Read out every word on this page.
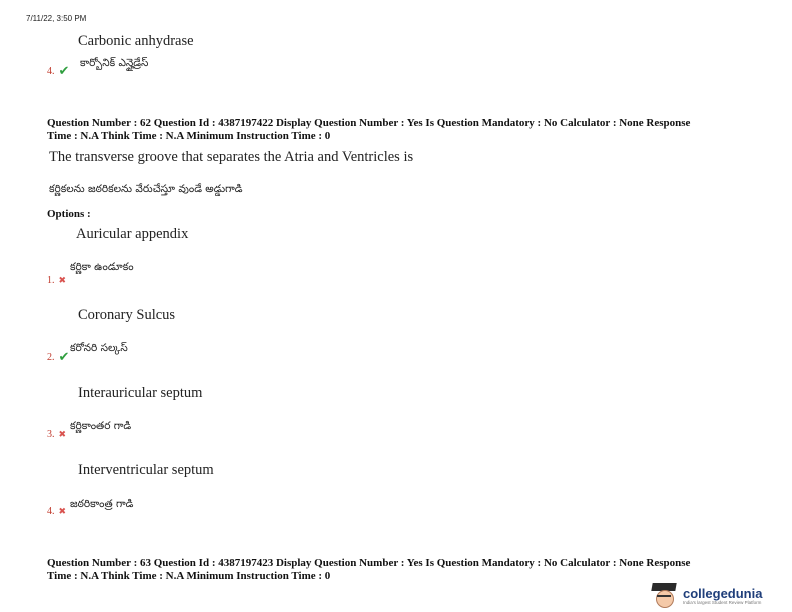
7/11/22, 3:50 PM
Carbonic anhydrase
కార్బోనిక్ ఎన్హైడ్రేస్
4. ✔
Question Number : 62 Question Id : 4387197422 Display Question Number : Yes Is Question Mandatory : No Calculator : None Response
Time : N.A Think Time : N.A Minimum Instruction Time : 0
The transverse groove that separates the Atria and Ventricles is
కర్ణికలను జఠరికలను వేరుచేస్తూ వుండే అడ్డుగాడి
Options :
Auricular appendix
కర్ణికా ఉండూకం
1. ✖
Coronary Sulcus
కరోనరి సల్కస్
2. ✔
Interauricular septum
కర్ణికాంతర గాడి
3. ✖
Interventricular septum
జఠరికాంత్ర గాడి
4. ✖
Question Number : 63 Question Id : 4387197423 Display Question Number : Yes Is Question Mandatory : No Calculator : None Response
Time : N.A Think Time : N.A Minimum Instruction Time : 0
collegedunia
India's largest Student Review Platform
